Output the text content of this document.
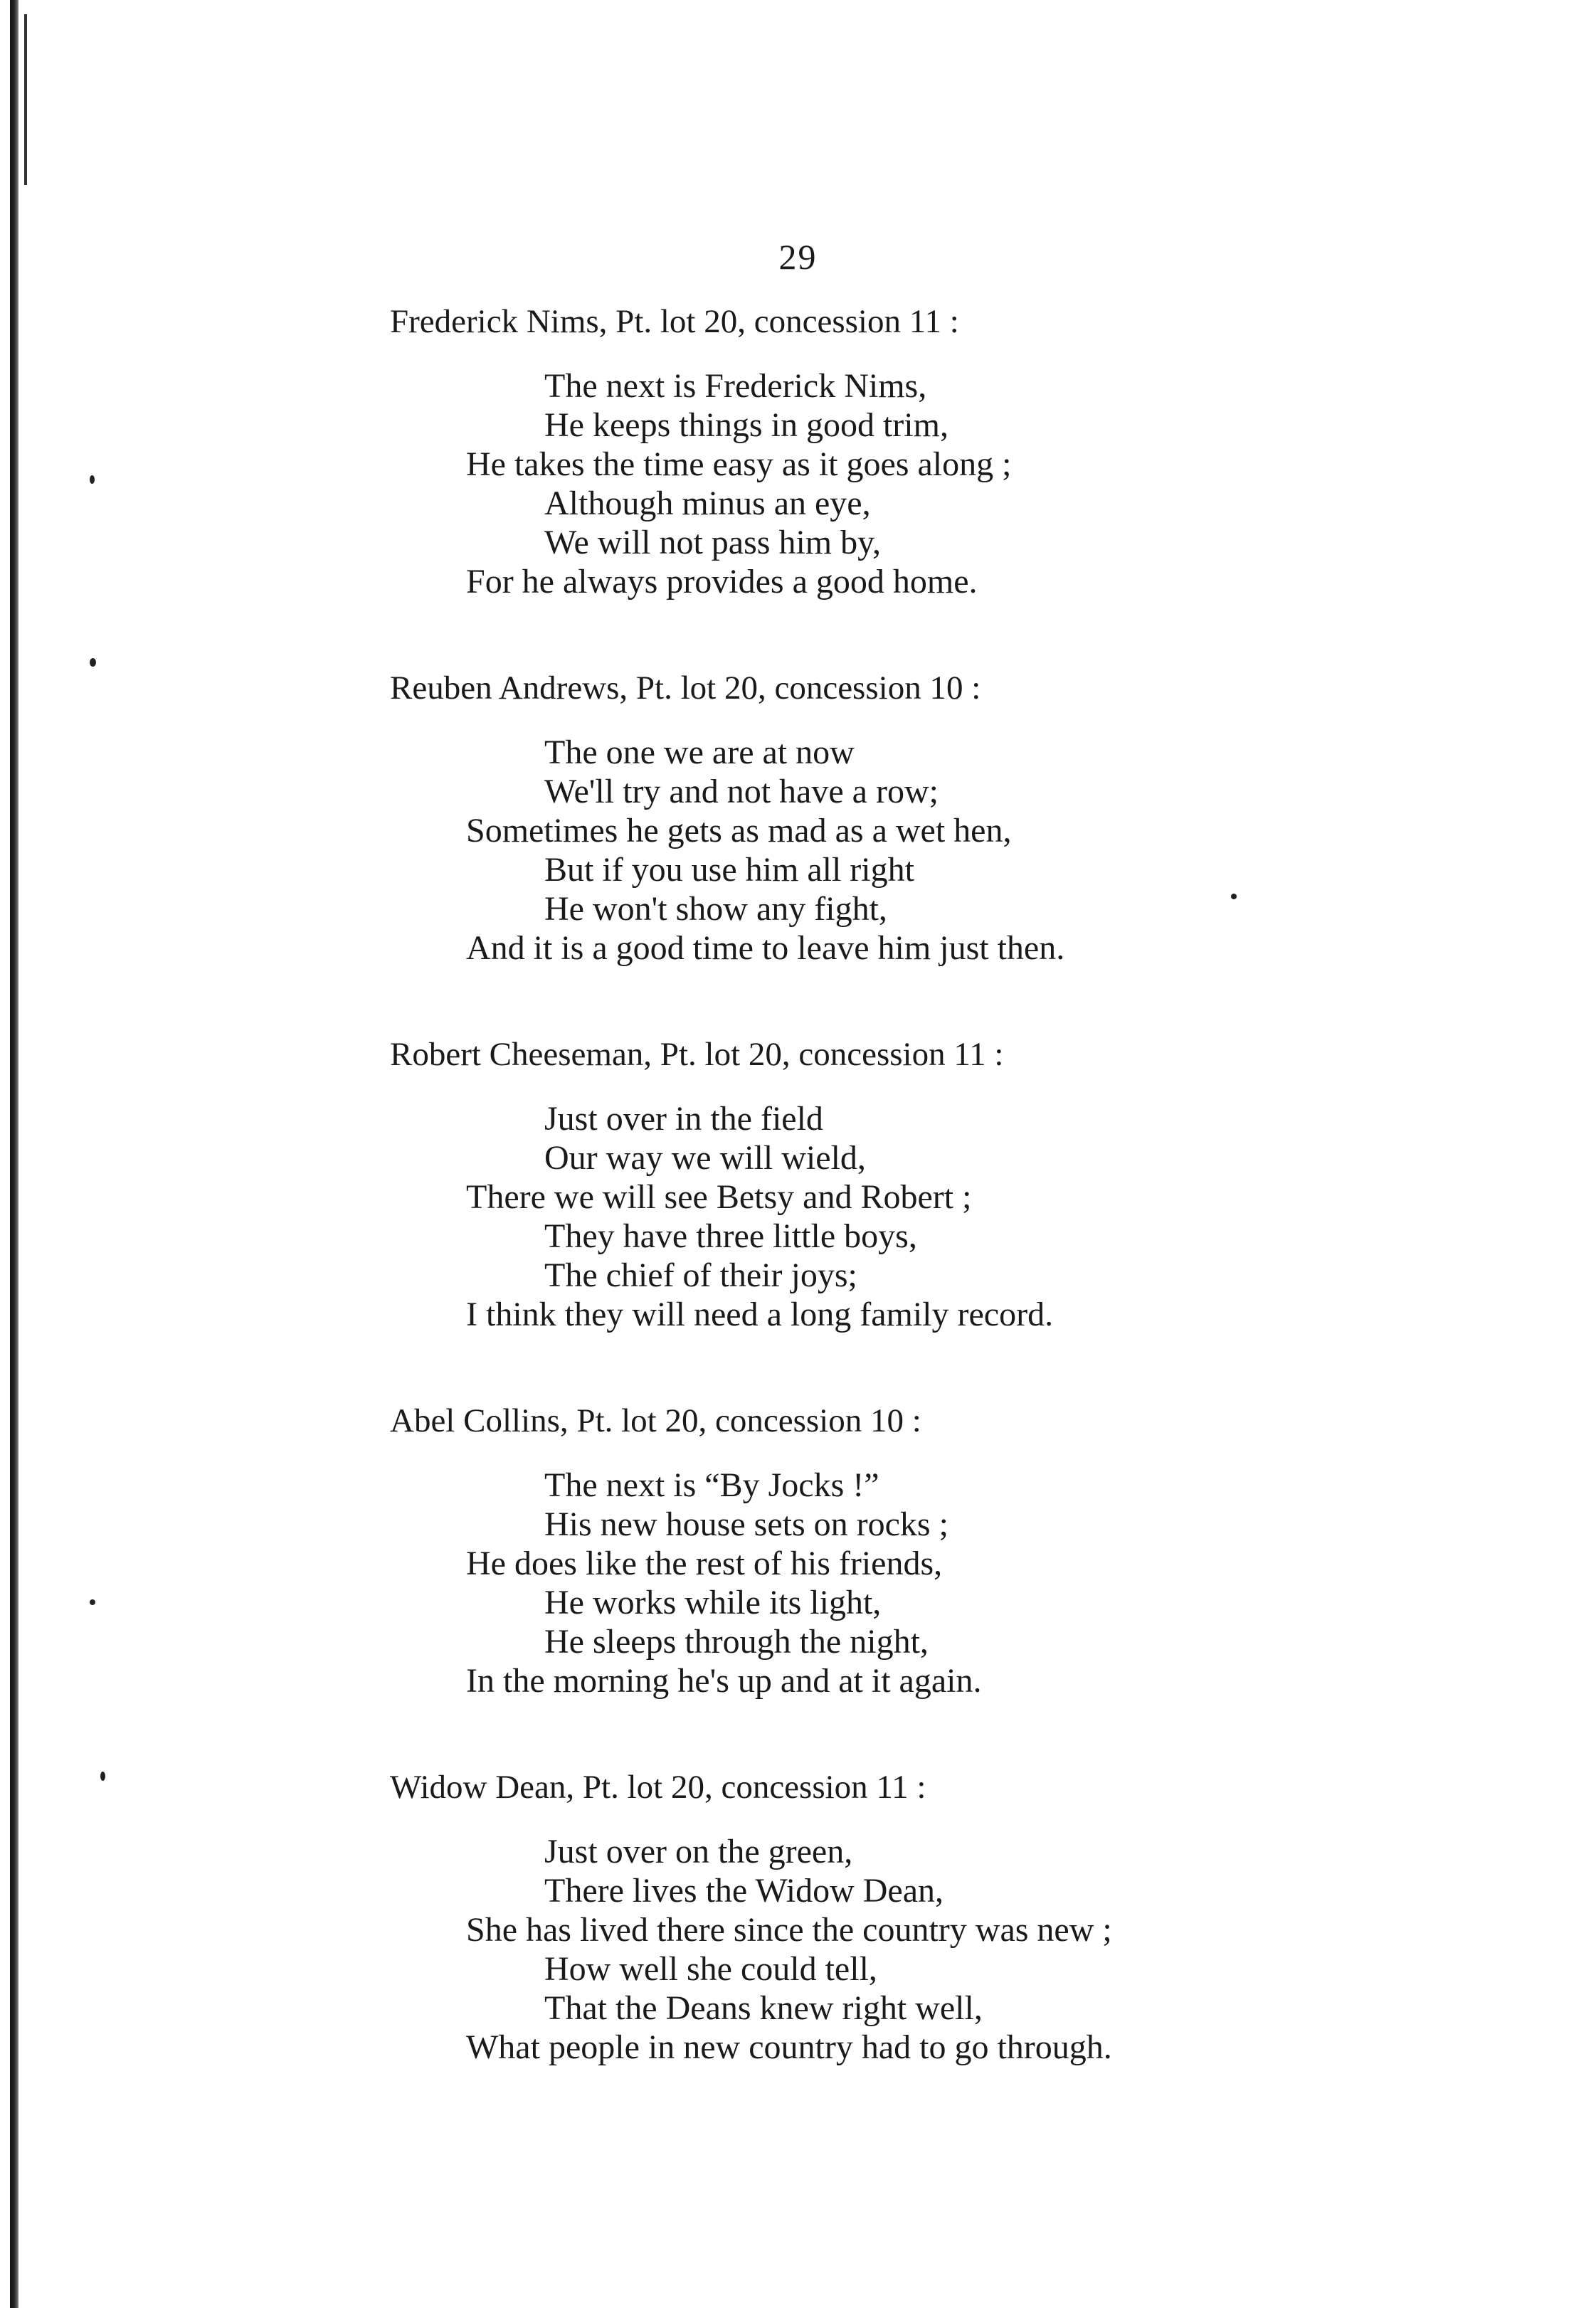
29
Frederick Nims, Pt. lot 20, concession 11 :
The next is Frederick Nims,
He keeps things in good trim,
He takes the time easy as it goes along ;
Although minus an eye,
We will not pass him by,
For he always provides a good home.
Reuben Andrews, Pt. lot 20, concession 10 :
The one we are at now
We'll try and not have a row;
Sometimes he gets as mad as a wet hen,
But if you use him all right
He won't show any fight,
And it is a good time to leave him just then.
Robert Cheeseman, Pt. lot 20, concession 11 :
Just over in the field
Our way we will wield,
There we will see Betsy and Robert ;
They have three little boys,
The chief of their joys;
I think they will need a long family record.
Abel Collins, Pt. lot 20, concession 10 :
The next is “By Jocks !”
His new house sets on rocks ;
He does like the rest of his friends,
He works while its light,
He sleeps through the night,
In the morning he's up and at it again.
Widow Dean, Pt. lot 20, concession 11 :
Just over on the green,
There lives the Widow Dean,
She has lived there since the country was new ;
How well she could tell,
That the Deans knew right well,
What people in new country had to go through.
